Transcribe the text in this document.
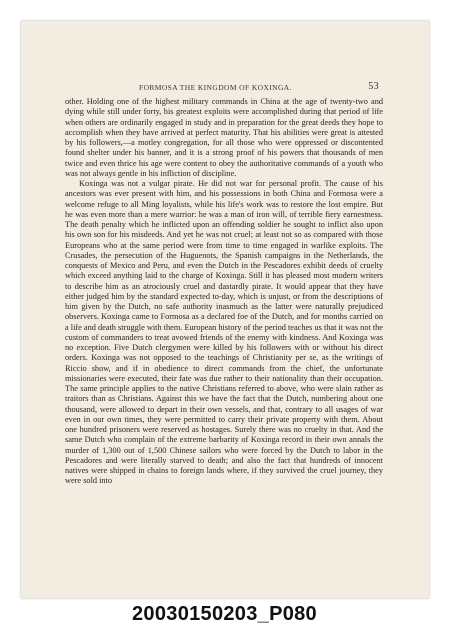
FORMOSA THE KINGDOM OF KOXINGA.	53

other. Holding one of the highest military commands in China at the age of twenty-two and dying while still under forty, his greatest exploits were accomplished during that period of life when others are ordinarily engaged in study and in preparation for the great deeds they hope to accomplish when they have arrived at perfect maturity. That his abilities were great is attested by his followers,—a motley congregation, for all those who were oppressed or discontented found shelter under his banner, and it is a strong proof of his powers that thousands of men twice and even thrice his age were content to obey the authoritative commands of a youth who was not always gentle in his infliction of discipline.

Koxinga was not a vulgar pirate. He did not war for personal profit. The cause of his ancestors was ever present with him, and his possessions in both China and Formosa were a welcome refuge to all Ming loyalists, while his life's work was to restore the lost empire. But he was even more than a mere warrior: he was a man of iron will, of terrible fiery earnestness. The death penalty which he inflicted upon an offending soldier he sought to inflict also upon his own son for his misdeeds. And yet he was not cruel; at least not so as compared with those Europeans who at the same period were from time to time engaged in warlike exploits. The Crusades, the persecution of the Huguenots, the Spanish campaigns in the Netherlands, the conquests of Mexico and Peru, and even the Dutch in the Pescadores exhibit deeds of cruelty which exceed anything laid to the charge of Koxinga. Still it has pleased most modern writers to describe him as an atrociously cruel and dastardly pirate. It would appear that they have either judged him by the standard expected to-day, which is unjust, or from the descriptions of him given by the Dutch, no safe authority inasmuch as the latter were naturally prejudiced observers. Koxinga came to Formosa as a declared foe of the Dutch, and for months carried on a life and death struggle with them. European history of the period teaches us that it was not the custom of commanders to treat avowed friends of the enemy with kindness. And Koxinga was no exception. Five Dutch clergymen were killed by his followers with or without his direct orders. Koxinga was not opposed to the teachings of Christianity per se, as the writings of Riccio show, and if in obedience to direct commands from the chief, the unfortunate missionaries were executed, their fate was due rather to their nationality than their occupation. The same principle applies to the native Christians referred to above, who were slain rather as traitors than as Christians. Against this we have the fact that the Dutch, numbering about one thousand, were allowed to depart in their own vessels, and that, contrary to all usages of war even in our own times, they were permitted to carry their private property with them. About one hundred prisoners were reserved as hostages. Surely there was no cruelty in that. And the same Dutch who complain of the extreme barbarity of Koxinga record in their own annals the murder of 1,300 out of 1,500 Chinese sailors who were forced by the Dutch to labor in the Pescadores and were literally starved to death; and also the fact that hundreds of innocent natives were shipped in chains to foreign lands where, if they survived the cruel journey, they were sold into

20030150203_P080
